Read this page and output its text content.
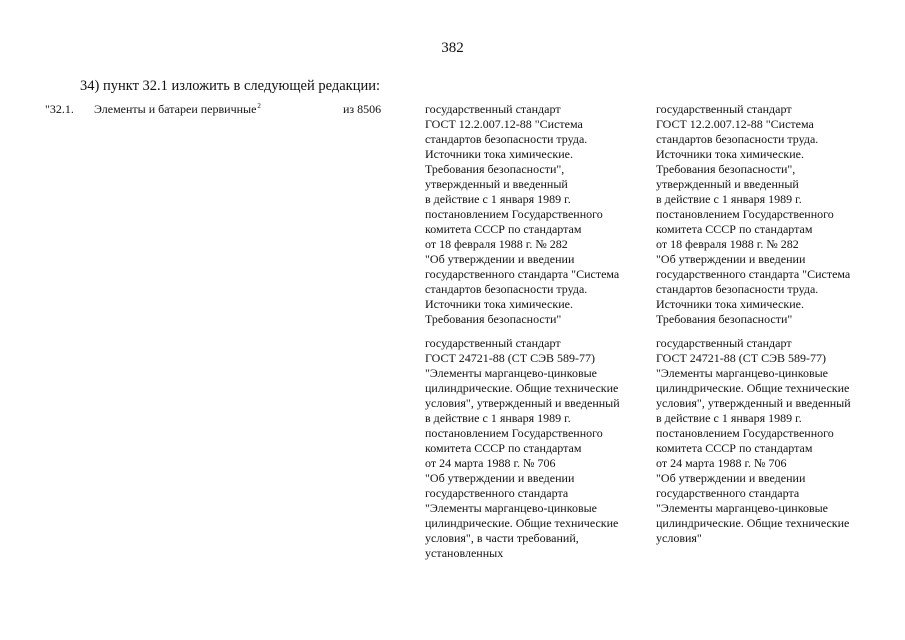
382
34) пункт 32.1 изложить в следующей редакции:
"32.1. Элементы и батареи первичные$^2$	из 8506	государственный стандарт
ГОСТ 12.2.007.12-88 "Система
стандартов безопасности труда.
Источники тока химические.
Требования безопасности",
утвержденный и введенный
в действие с 1 января 1989 г.
постановлением Государственного
комитета СССР по стандартам
от 18 февраля 1988 г. № 282
"Об утверждении и введении
государственного стандарта "Система
стандартов безопасности труда.
Источники тока химические.
Требования безопасности"
государственный стандарт
ГОСТ 24721-88 (СТ СЭВ 589-77)
"Элементы марганцево-цинковые
цилиндрические. Общие технические
условия", утвержденный и введенный
в действие с 1 января 1989 г.
постановлением Государственного
комитета СССР по стандартам
от 24 марта 1988 г. № 706
"Об утверждении и введении
государственного стандарта
"Элементы марганцево-цинковые
цилиндрические. Общие технические
условия", в части требований,
установленных
государственный стандарт
ГОСТ 12.2.007.12-88 "Система
стандартов безопасности труда.
Источники тока химические.
Требования безопасности",
утвержденный и введенный
в действие с 1 января 1989 г.
постановлением Государственного
комитета СССР по стандартам
от 18 февраля 1988 г. № 282
"Об утверждении и введении
государственного стандарта "Система
стандартов безопасности труда.
Источники тока химические.
Требования безопасности"
государственный стандарт
ГОСТ 24721-88 (СТ СЭВ 589-77)
"Элементы марганцево-цинковые
цилиндрические. Общие технические
условия", утвержденный и введенный
в действие с 1 января 1989 г.
постановлением Государственного
комитета СССР по стандартам
от 24 марта 1988 г. № 706
"Об утверждении и введении
государственного стандарта
"Элементы марганцево-цинковые
цилиндрические. Общие технические
условия"
